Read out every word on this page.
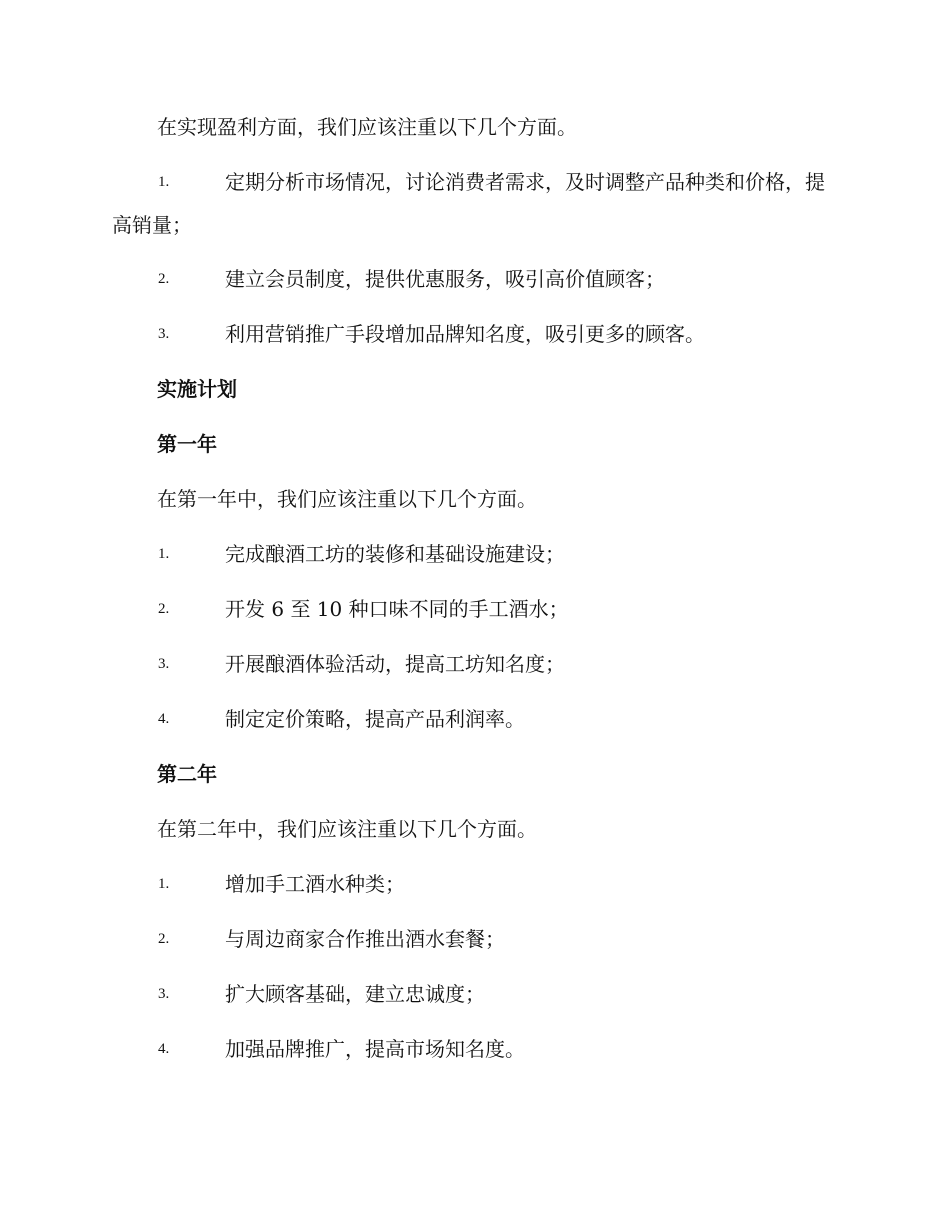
在实现盈利方面，我们应该注重以下几个方面。
1.	定期分析市场情况，讨论消费者需求，及时调整产品种类和价格，提高销量；
2.	建立会员制度，提供优惠服务，吸引高价值顾客；
3.	利用营销推广手段增加品牌知名度，吸引更多的顾客。
实施计划
第一年
在第一年中，我们应该注重以下几个方面。
1.	完成酿酒工坊的装修和基础设施建设；
2.	开发 6 至 10 种口味不同的手工酒水；
3.	开展酿酒体验活动，提高工坊知名度；
4.	制定定价策略，提高产品利润率。
第二年
在第二年中，我们应该注重以下几个方面。
1.	增加手工酒水种类；
2.	与周边商家合作推出酒水套餐；
3.	扩大顾客基础，建立忠诚度；
4.	加强品牌推广，提高市场知名度。
